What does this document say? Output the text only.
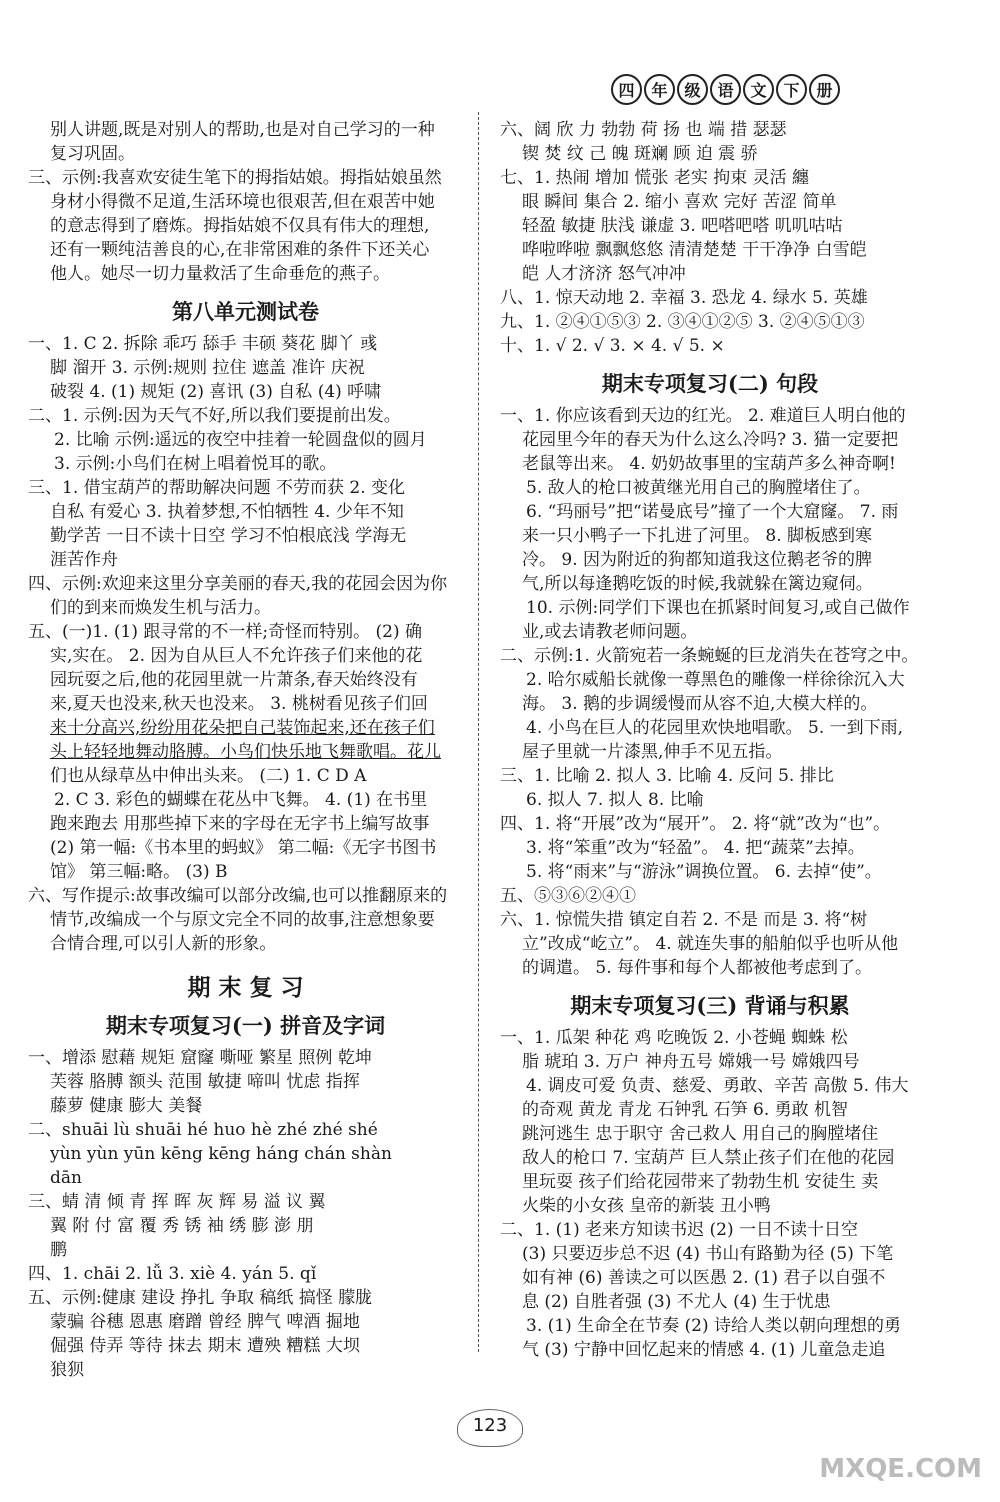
四	年	级	语	文	下	册
别人讲题,既是对别人的帮助,也是对自己学习的一种
复习巩固。
三、示例:我喜欢安徒生笔下的拇指姑娘。拇指姑娘虽然
身材小得微不足道,生活环境也很艰苦,但在艰苦中她
的意志得到了磨炼。拇指姑娘不仅具有伟大的理想,
还有一颗纯洁善良的心,在非常困难的条件下还关心
他人。她尽一切力量救活了生命垂危的燕子。
第八单元测试卷
一、1. C 2. 拆除 乖巧 舔手 丰硕 葵花 脚丫 彧
脚 溜开 3. 示例:规则 拉住 遮盖 准许 庆祝
破裂 4. (1) 规矩 (2) 喜讯 (3) 自私 (4) 呼啸
二、1. 示例:因为天气不好,所以我们要提前出发。
2. 比喻 示例:遥远的夜空中挂着一轮圆盘似的圆月
3. 示例:小鸟们在树上唱着悦耳的歌。
三、1. 借宝葫芦的帮助解决问题 不劳而获 2. 变化
自私 有爱心 3. 执着梦想,不怕牺牲 4. 少年不知
勤学苦 一日不读十日空 学习不怕根底浅 学海无
涯苦作舟
四、示例:欢迎来这里分享美丽的春天,我的花园会因为你
们的到来而焕发生机与活力。
五、(一)1. (1) 跟寻常的不一样;奇怪而特别。 (2) 确
实,实在。 2. 因为自从巨人不允许孩子们来他的花
园玩耍之后,他的花园里就一片萧条,春天始终没有
来,夏天也没来,秋天也没来。 3. 桃树看见孩子们回
来十分高兴,纷纷用花朵把自己装饰起来,还在孩子们
头上轻轻地舞动胳膊。小鸟们快乐地飞舞歌唱。花儿
们也从绿草丛中伸出头来。 (二) 1. C D A
2. C 3. 彩色的蝴蝶在花丛中飞舞。 4. (1) 在书里
跑来跑去 用那些掉下来的字母在无字书上编写故事
(2) 第一幅:《书本里的蚂蚁》 第二幅:《无字书图书
馆》 第三幅:略。 (3) B
六、写作提示:故事改编可以部分改编,也可以推翻原来的
情节,改编成一个与原文完全不同的故事,注意想象要
合情合理,可以引人新的形象。
期 末 复 习
期末专项复习(一) 拼音及字词
一、增添 慰藉 规矩 窟窿 嘶哑 繁星 照例 乾坤
芙蓉 胳膊 额头 范围 敏捷 啼叫 忧虑 指挥
藤萝 健康 膨大 美餐
二、shuāi lù shuāi hé huo hè zhé zhé shé
yùn yùn yūn kēng kēng háng chán shàn
dān
三、蜻 清 倾 青 挥 晖 灰 辉 易 溢 议 翼
翼 附 付 富 覆 秀 锈 袖 绣 膨 澎 朋
鹏
四、1. chāi 2. lǚ 3. xiè 4. yán 5. qǐ
五、示例:健康 建设 挣扎 争取 稿纸 搞怪 朦胧
蒙骗 谷穗 恩惠 磨蹭 曾经 脾气 啤酒 掘地
倔强 侍弄 等待 抹去 期末 遭殃 糟糕 大坝
狼狈
六、阔 欣 力 勃勃 荷 扬 也 端 措 瑟瑟
锲 焚 纹 己 魄 斑斓 顾 迫 震 骄
七、1. 热闹 增加 慌张 老实 拘束 灵活 纏
眼 瞬间 集合 2. 缩小 喜欢 完好 苦涩 简单
轻盈 敏捷 肤浅 谦虚 3. 吧嗒吧嗒 叽叽咕咕
哗啦哗啦 飘飘悠悠 清清楚楚 干干净净 白雪皑
皑 人才济济 怒气冲冲
八、1. 惊天动地 2. 幸福 3. 恐龙 4. 绿水 5. 英雄
九、1. ②④①⑤③ 2. ③④①②⑤ 3. ②④⑤①③
十、1. √ 2. √ 3. × 4. √ 5. ×
期末专项复习(二) 句段
一、1. 你应该看到天边的红光。 2. 难道巨人明白他的
花园里今年的春天为什么这么冷吗? 3. 猫一定要把
老鼠等出来。 4. 奶奶故事里的宝葫芦多么神奇啊!
5. 敌人的枪口被黄继光用自己的胸膛堵住了。
6. “玛丽号”把“诺曼底号”撞了一个大窟窿。 7. 雨
来一只小鸭子一下扎进了河里。 8. 脚板感到寒
冷。 9. 因为附近的狗都知道我这位鹅老爷的脾
气,所以每逢鹅吃饭的时候,我就躲在篱边窥伺。
10. 示例:同学们下课也在抓紧时间复习,或自己做作
业,或去请教老师问题。
二、示例:1. 火箭宛若一条蜿蜒的巨龙消失在苍穹之中。
2. 哈尔威船长就像一尊黑色的雕像一样徐徐沉入大
海。 3. 鹅的步调缓慢而从容不迫,大模大样的。
4. 小鸟在巨人的花园里欢快地唱歌。 5. 一到下雨,
屋子里就一片漆黑,伸手不见五指。
三、1. 比喻 2. 拟人 3. 比喻 4. 反问 5. 排比
6. 拟人 7. 拟人 8. 比喻
四、1. 将“开展”改为“展开”。 2. 将“就”改为“也”。
3. 将“笨重”改为“轻盈”。 4. 把“蔬菜”去掉。
5. 将“雨来”与“游泳”调换位置。 6. 去掉“使”。
五、⑤③⑥②④①
六、1. 惊慌失措 镇定自若 2. 不是 而是 3. 将“树
立”改成“屹立”。 4. 就连失事的船舶似乎也听从他
的调遣。 5. 每件事和每个人都被他考虑到了。
期末专项复习(三) 背诵与积累
一、1. 瓜架 种花 鸡 吃晚饭 2. 小苍蝇 蜘蛛 松
脂 琥珀 3. 万户 神舟五号 嫦娥一号 嫦娥四号
4. 调皮可爱 负责、慈爱、勇敢、辛苦 高傲 5. 伟大
的奇观 黄龙 青龙 石钟乳 石笋 6. 勇敢 机智
跳河逃生 忠于职守 舍己救人 用自己的胸膛堵住
敌人的枪口 7. 宝葫芦 巨人禁止孩子们在他的花园
里玩耍 孩子们给花园带来了勃勃生机 安徒生 卖
火柴的小女孩 皇帝的新装 丑小鸭
二、1. (1) 老来方知读书迟 (2) 一日不读十日空
(3) 只要迈步总不迟 (4) 书山有路勤为径 (5) 下笔
如有神 (6) 善读之可以医愚 2. (1) 君子以自强不
息 (2) 自胜者强 (3) 不尤人 (4) 生于忧患
3. (1) 生命全在节奏 (2) 诗给人类以朝向理想的勇
气 (3) 宁静中回忆起来的情感 4. (1) 儿童急走追
123
MXQE.COM
